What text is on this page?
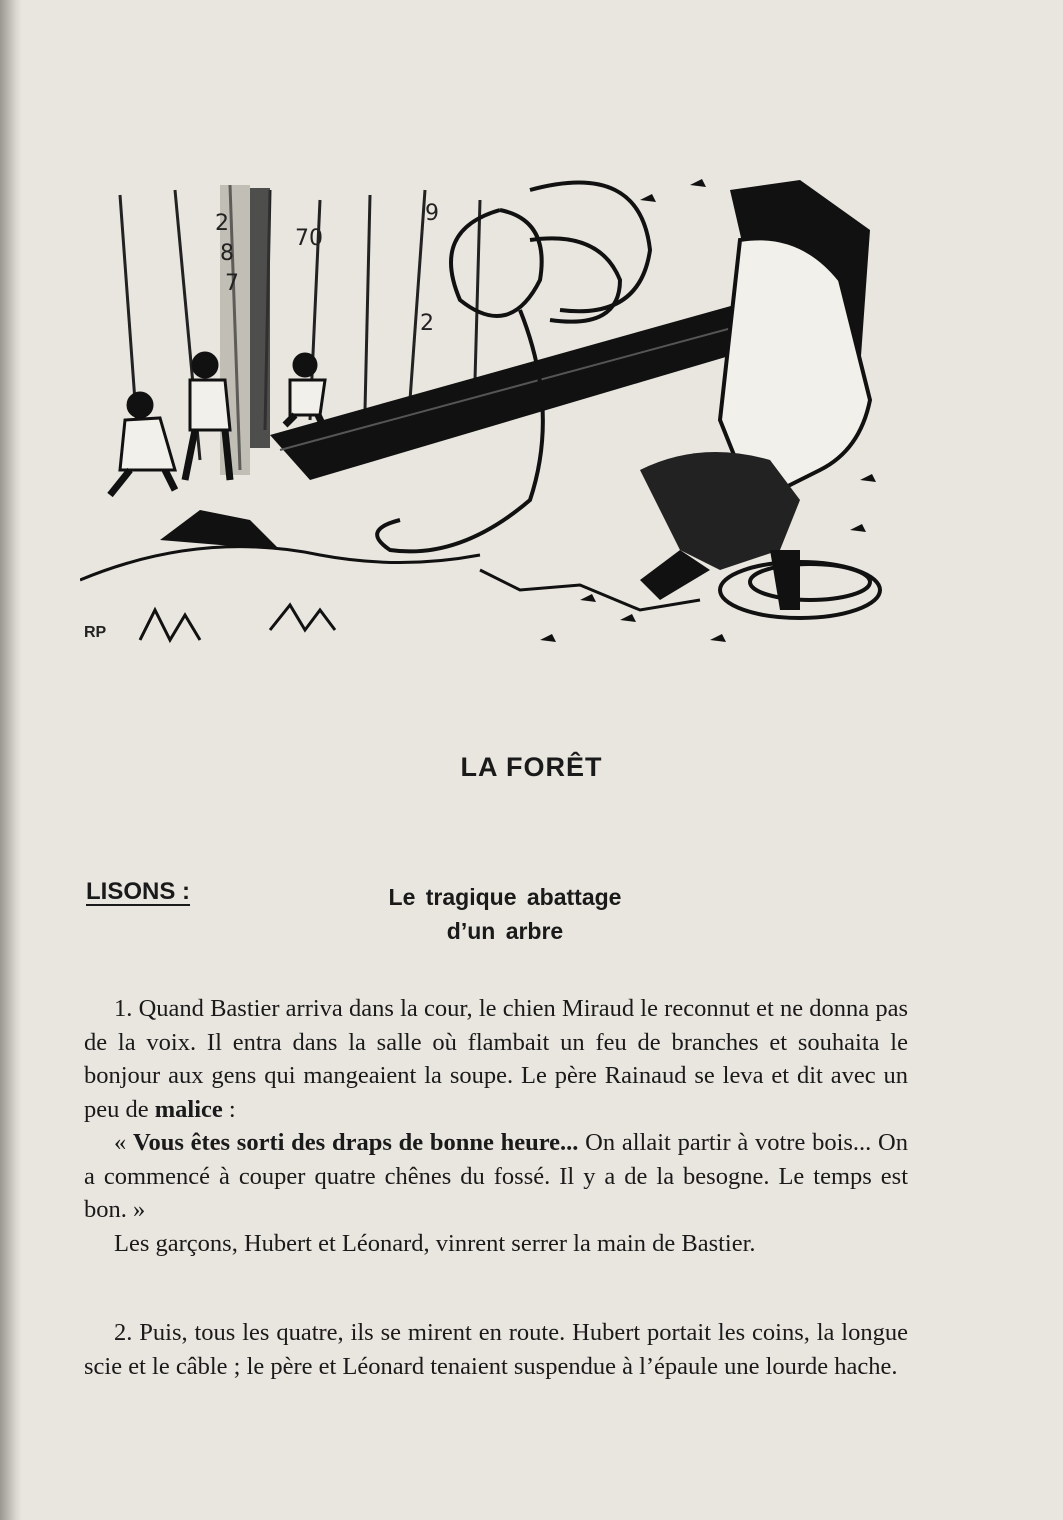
2
8
7
70
9
2
RP
LA FORÊT
LISONS :	Le tragique abattage
d’un arbre

1. Quand Bastier arriva dans la cour, le chien Miraud le reconnut et ne donna pas de la voix. Il entra dans la salle où flambait un feu de branches et souhaita le bonjour aux gens qui mangeaient la soupe. Le père Rainaud se leva et dit avec un peu de malice :

« Vous êtes sorti des draps de bonne heure... On allait partir à votre bois... On a commencé à couper quatre chênes du fossé. Il y a de la besogne. Le temps est bon. »

Les garçons, Hubert et Léonard, vinrent serrer la main de Bastier.

2. Puis, tous les quatre, ils se mirent en route. Hubert portait les coins, la longue scie et le câble ; le père et Léonard tenaient suspendue à l’épaule une lourde hache.
